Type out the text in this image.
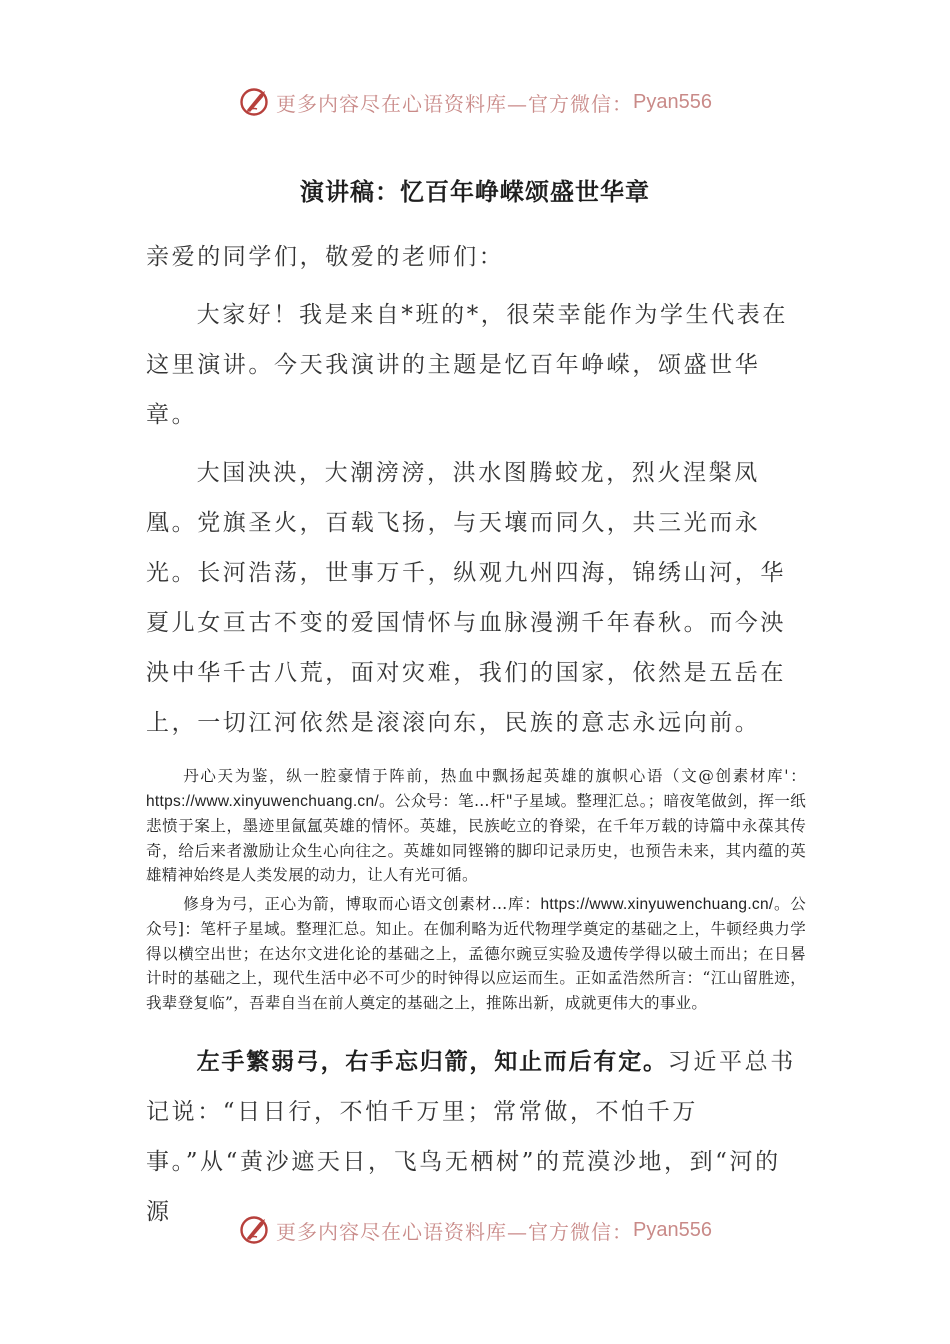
更多内容尽在心语资料库—官方微信： Pyan556
演讲稿：忆百年峥嵘颂盛世华章

亲爱的同学们，敬爱的老师们：

大家好！我是来自*班的*，很荣幸能作为学生代表在这里演讲。今天我演讲的主题是忆百年峥嵘，颂盛世华章。

大国泱泱，大潮滂滂，洪水图腾蛟龙，烈火涅槃凤凰。党旗圣火，百载飞扬，与天壤而同久，共三光而永光。长河浩荡，世事万千，纵观九州四海，锦绣山河，华夏儿女亘古不变的爱国情怀与血脉漫溯千年春秋。而今泱泱中华千古八荒，面对灾难，我们的国家，依然是五岳在上，一切江河依然是滚滚向东，民族的意志永远向前。

丹心天为鉴，纵一腔豪情于阵前，热血中飘扬起英雄的旗帜心语（文@创素材库'：https://www.xinyuwenchuang.cn/。公众号：笔…杆"子星域。整理汇总。；暗夜笔做剑，挥一纸悲愤于案上，墨迹里氤氲英雄的情怀。英雄，民族屹立的脊梁，在千年万载的诗篇中永葆其传奇，给后来者激励让众生心向往之。英雄如同铿锵的脚印记录历史，也预告未来，其内蕴的英雄精神始终是人类发展的动力，让人有光可循。

修身为弓，正心为箭，博取而心语文创素材…库：https://www.xinyuwenchuang.cn/。公众号]：笔杆子星域。整理汇总。知止。在伽利略为近代物理学奠定的基础之上，牛顿经典力学得以横空出世；在达尔文进化论的基础之上，孟德尔豌豆实验及遗传学得以破土而出；在日晷计时的基础之上，现代生活中必不可少的时钟得以应运而生。正如孟浩然所言：“江山留胜迹，我辈登复临”，吾辈自当在前人奠定的基础之上，推陈出新，成就更伟大的事业。

左手繁弱弓，右手忘归箭，知止而后有定。习近平总书记说：“日日行，不怕千万里；常常做，不怕千万事。”从“黄沙遮天日，飞鸟无栖树”的荒漠沙地，到“河的源

更多内容尽在心语资料库—官方微信： Pyan556
